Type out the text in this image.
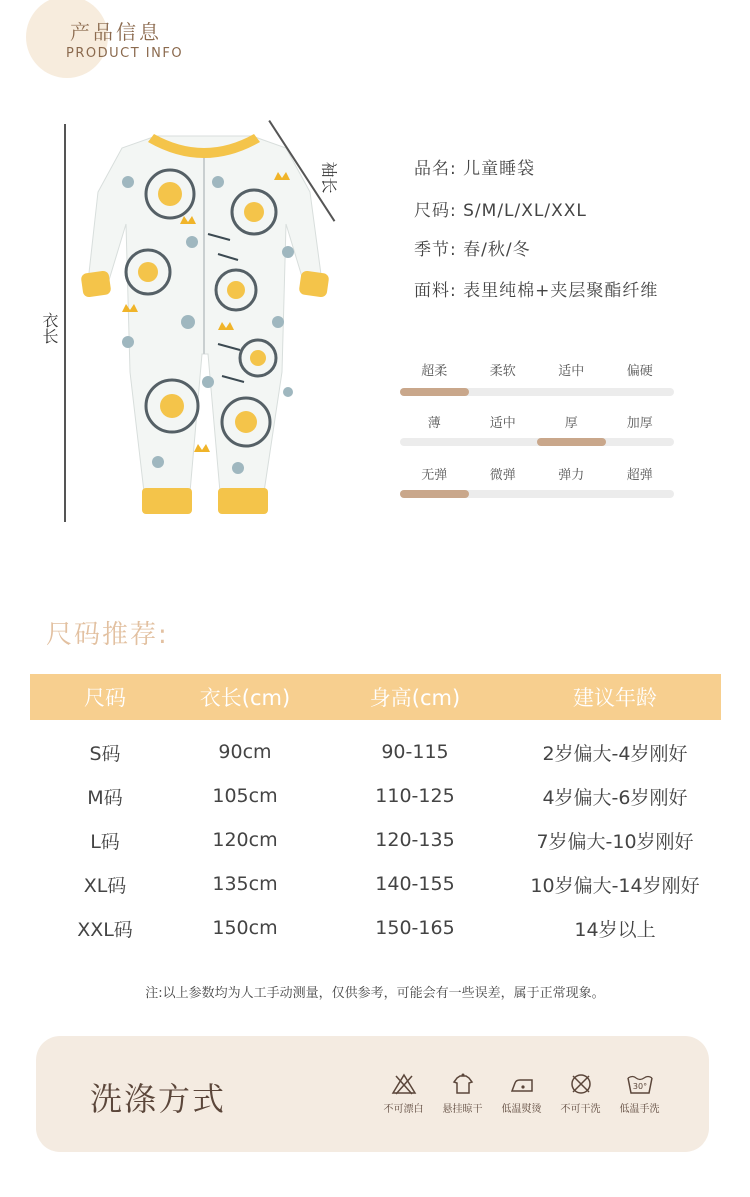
产品信息
PRODUCT INFO
衣长
袖长	品名: 儿童睡袋
尺码: S/M/L/XL/XXL
季节: 春/秋/冬
面料: 表里纯棉+夹层聚酯纤维
超柔	柔软	适中	偏硬
薄	适中	厚	加厚
无弹	微弹	弹力	超弹
尺码推荐:
尺码	衣长(cm)	身高(cm)	建议年龄
S码	90cm	90-115	2岁偏大-4岁刚好
M码	105cm	110-125	4岁偏大-6岁刚好
L码	120cm	120-135	7岁偏大-10岁刚好
XL码	135cm	140-155	10岁偏大-14岁刚好
XXL码	150cm	150-165	14岁以上
注:以上参数均为人工手动测量，仅供参考，可能会有一些误差，属于正常现象。
洗涤方式	不可漂白 悬挂晾干 低温熨烫 不可干洗
30°
低温手洗
